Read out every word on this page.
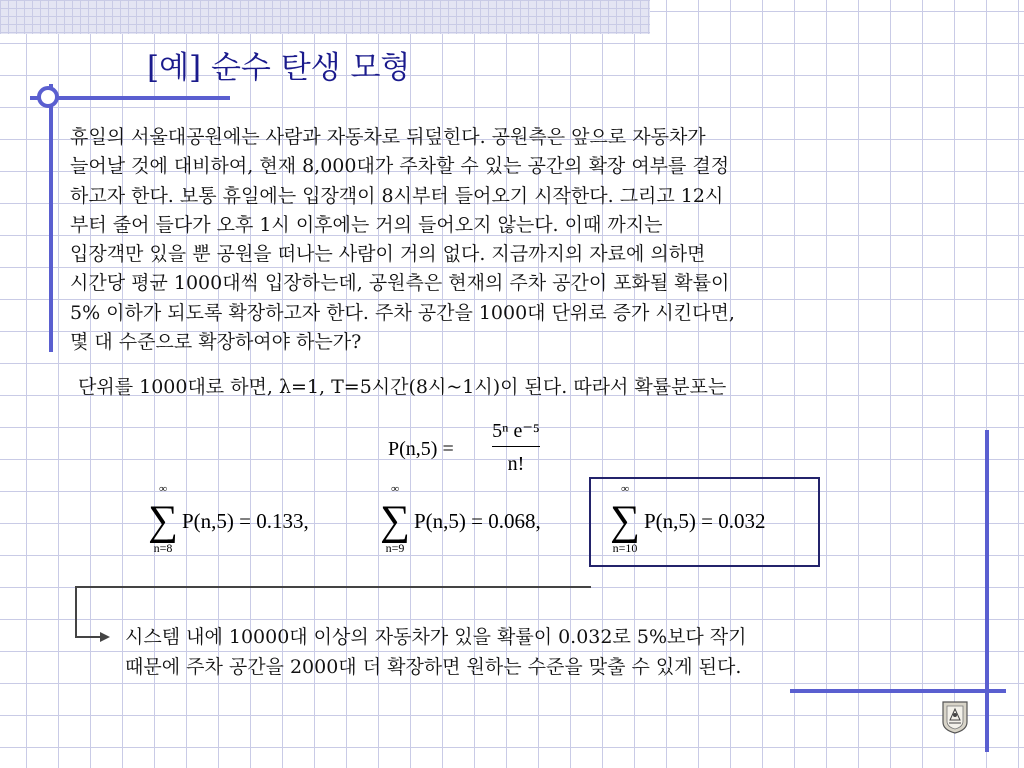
[예] 순수 탄생 모형
휴일의 서울대공원에는 사람과 자동차로 뒤덮힌다. 공원측은 앞으로 자동차가
늘어날 것에 대비하여, 현재 8,000대가 주차할 수 있는 공간의 확장 여부를 결정
하고자 한다. 보통 휴일에는 입장객이 8시부터 들어오기 시작한다. 그리고 12시
부터 줄어 들다가 오후 1시 이후에는 거의 들어오지 않는다. 이때 까지는
입장객만 있을 뿐 공원을 떠나는 사람이 거의 없다. 지금까지의 자료에 의하면
시간당 평균 1000대씩 입장하는데, 공원측은 현재의 주차 공간이 포화될 확률이
5% 이하가 되도록 확장하고자 한다. 주차 공간을 1000대 단위로 증가 시킨다면,
몇 대 수준으로 확장하여야 하는가?

단위를 1000대로 하면, λ=1, T=5시간(8시~1시)이 된다. 따라서 확률분포는

P(n,5) =
5ⁿ e⁻⁵
n!
∞
∑
n=8
P(n,5) = 0.133,
∞
∑
n=9
P(n,5) = 0.068,
∞
∑
n=10
P(n,5) = 0.032
시스템 내에 10000대 이상의 자동차가 있을 확률이 0.032로 5%보다 작기
때문에 주차 공간을 2000대 더 확장하면 원하는 수준을 맞출 수 있게 된다.
